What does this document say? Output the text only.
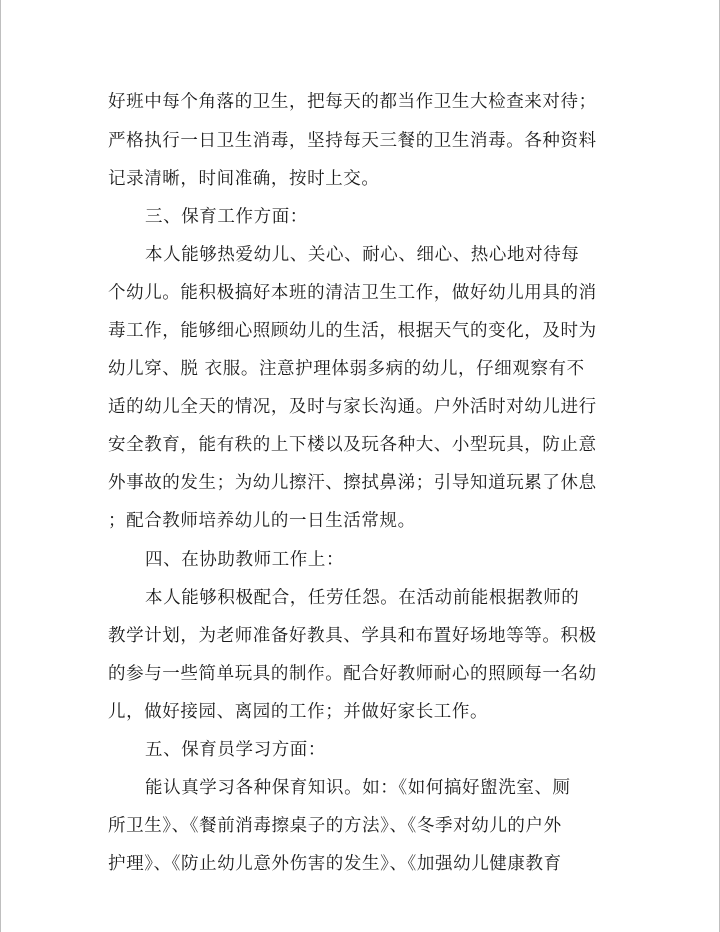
好班中每个角落的卫生，把每天的都当作卫生大检查来对待；
严格执行一日卫生消毒，坚持每天三餐的卫生消毒。各种资料
记录清晰，时间准确，按时上交。
三、保育工作方面：
本人能够热爱幼儿、关心、耐心、细心、热心地对待每
个幼儿。能积极搞好本班的清洁卫生工作，做好幼儿用具的消
毒工作，能够细心照顾幼儿的生活，根据天气的变化，及时为
幼儿穿、脱 衣服。注意护理体弱多病的幼儿，仔细观察有不
适的幼儿全天的情况，及时与家长沟通。户外活时对幼儿进行
安全教育，能有秩的上下楼以及玩各种大、小型玩具，防止意
外事故的发生；为幼儿擦汗、擦拭鼻涕；引导知道玩累了休息
；配合教师培养幼儿的一日生活常规。
四、在协助教师工作上：
本人能够积极配合，任劳任怨。在活动前能根据教师的
教学计划，为老师准备好教具、学具和布置好场地等等。积极
的参与一些简单玩具的制作。配合好教师耐心的照顾每一名幼
儿，做好接园、离园的工作；并做好家长工作。
五、保育员学习方面：
能认真学习各种保育知识。如：《如何搞好盥洗室、厕
所卫生》、《餐前消毒擦桌子的方法》、《冬季对幼儿的户外
护理》、《防止幼儿意外伤害的发生》、《加强幼儿健康教育
